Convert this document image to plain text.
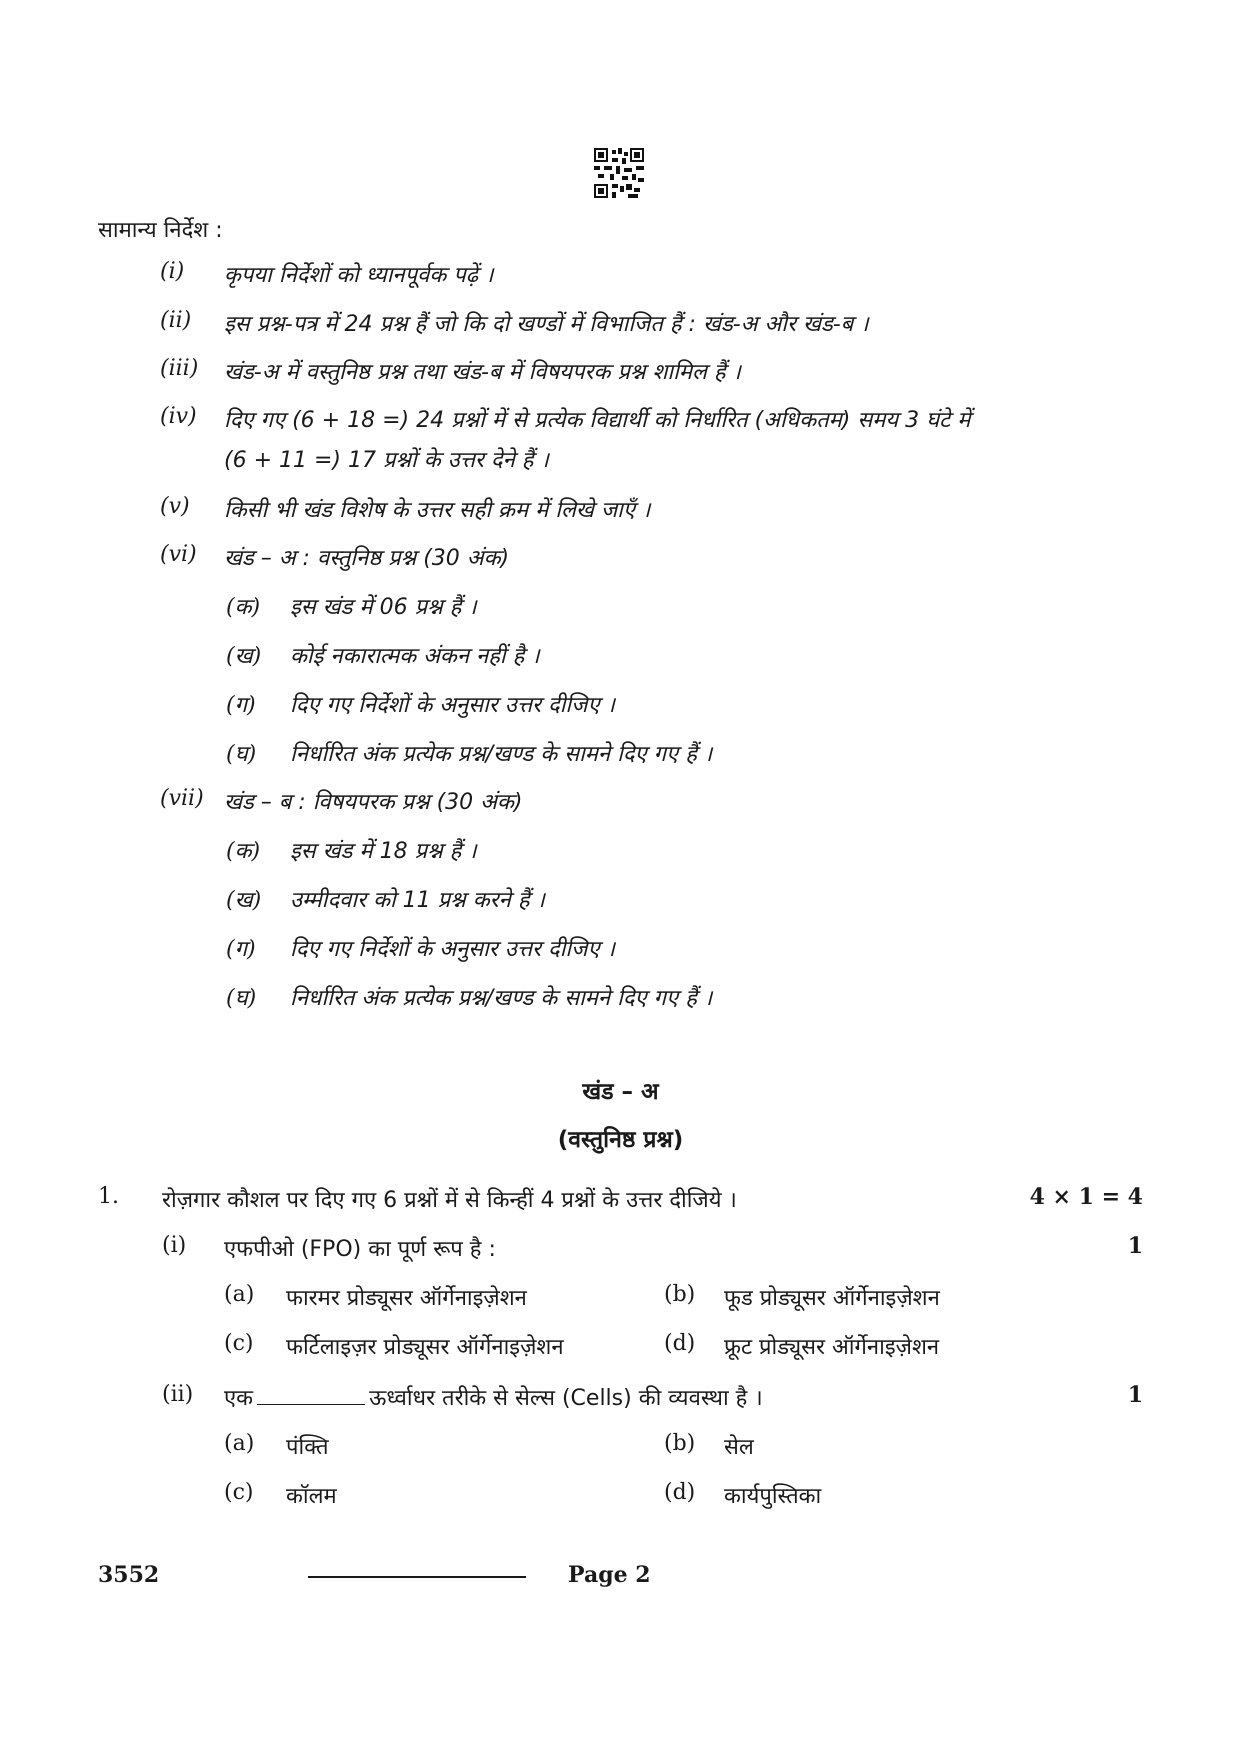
सामान्य निर्देश :
(i) कृपया निर्देशों को ध्यानपूर्वक पढ़ें ।
(ii) इस प्रश्न-पत्र में 24 प्रश्न हैं जो कि दो खण्डों में विभाजित हैं : खंड-अ और खंड-ब ।
(iii) खंड-अ में वस्तुनिष्ठ प्रश्न तथा खंड-ब में विषयपरक प्रश्न शामिल हैं ।
(iv) दिए गए (6 + 18 =) 24 प्रश्नों में से प्रत्येक विद्यार्थी को निर्धारित (अधिकतम) समय 3 घंटे में
(6 + 11 =) 17 प्रश्नों के उत्तर देने हैं ।
(v) किसी भी खंड विशेष के उत्तर सही क्रम में लिखे जाएँ ।
(vi) खंड – अ : वस्तुनिष्ठ प्रश्न (30 अंक)
(क) इस खंड में 06 प्रश्न हैं ।
(ख) कोई नकारात्मक अंकन नहीं है ।
(ग) दिए गए निर्देशों के अनुसार उत्तर दीजिए ।
(घ) निर्धारित अंक प्रत्येक प्रश्न/खण्ड के सामने दिए गए हैं ।
(vii) खंड – ब : विषयपरक प्रश्न (30 अंक)
(क) इस खंड में 18 प्रश्न हैं ।
(ख) उम्मीदवार को 11 प्रश्न करने हैं ।
(ग) दिए गए निर्देशों के अनुसार उत्तर दीजिए ।
(घ) निर्धारित अंक प्रत्येक प्रश्न/खण्ड के सामने दिए गए हैं ।
खंड – अ
(वस्तुनिष्ठ प्रश्न)
1. रोज़गार कौशल पर दिए गए 6 प्रश्नों में से किन्हीं 4 प्रश्नों के उत्तर दीजिये ।	4 × 1 = 4
(i) एफपीओ (FPO) का पूर्ण रूप है :	1
(a) फारमर प्रोड्यूसर ऑर्गेनाइज़ेशन	(b) फूड प्रोड्यूसर ऑर्गेनाइज़ेशन
(c) फर्टिलाइज़र प्रोड्यूसर ऑर्गेनाइज़ेशन	(d) फ्रूट प्रोड्यूसर ऑर्गेनाइज़ेशन
(ii) एक	ऊर्ध्वाधर तरीके से सेल्स (Cells) की व्यवस्था है ।	1
(a) पंक्ति	(b) सेल
(c) कॉलम	(d) कार्यपुस्तिका
3552	Page 2
